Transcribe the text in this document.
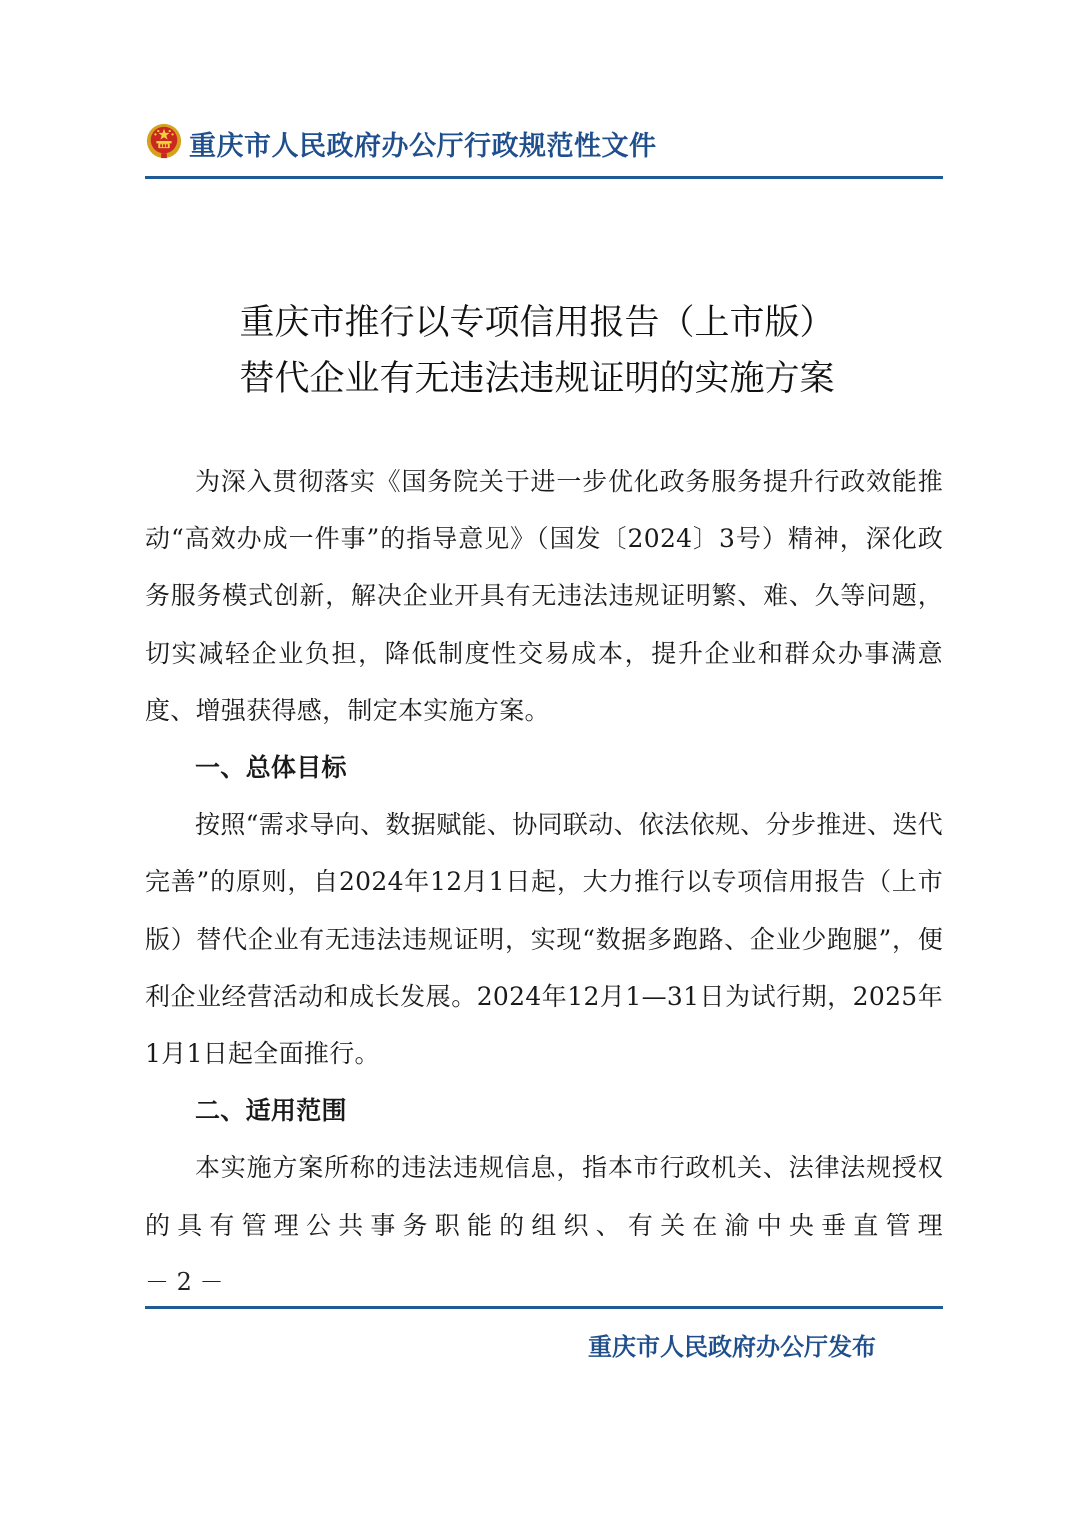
重庆市人民政府办公厅行政规范性文件
重庆市推行以专项信用报告（上市版）
替代企业有无违法违规证明的实施方案

为深入贯彻落实《国务院关于进一步优化政务服务提升行政效能推动“高效办成一件事”的指导意见》（国发〔2024〕3号）精神，深化政务服务模式创新，解决企业开具有无违法违规证明繁、难、久等问题，切实减轻企业负担，降低制度性交易成本，提升企业和群众办事满意度、增强获得感，制定本实施方案。

一、总体目标

按照“需求导向、数据赋能、协同联动、依法依规、分步推进、迭代完善”的原则，自2024年12月1日起，大力推行以专项信用报告（上市版）替代企业有无违法违规证明，实现“数据多跑路、企业少跑腿”，便利企业经营活动和成长发展。2024年12月1—31日为试行期，2025年1月1日起全面推行。

二、适用范围

本实施方案所称的违法违规信息，指本市行政机关、法律法规授权的具有管理公共事务职能的组织、有关在渝中央垂直管理

－ 2 －
重庆市人民政府办公厅发布
